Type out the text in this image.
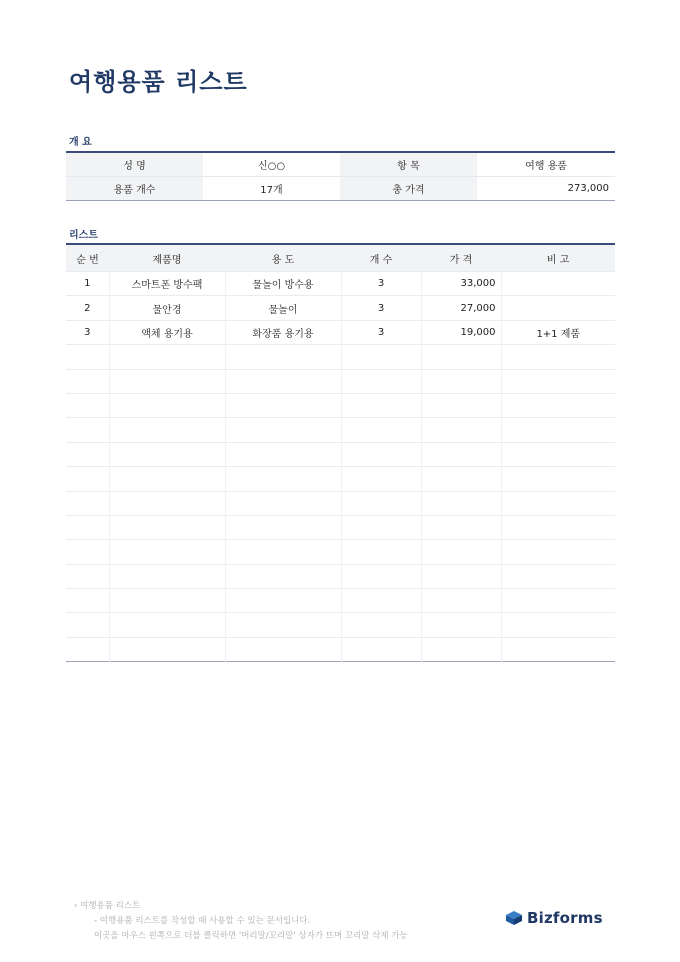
여행용품 리스트
개 요
성 명	신○○	항 목	여행 용품
용품 개수	17개	총 가격	273,000
리스트
순 번	제품명	용 도	개 수	가 격	비 고
1	스마트폰 방수팩	물놀이 방수용	3	33,000	
2	물안경	물놀이	3	27,000	
3	액체 용기용	화장품 용기용	3	19,000	1+1 제품

› 여행용품 리스트
- 여행용품 리스트를 작성할 때 사용할 수 있는 문서입니다.
이곳을 마우스 왼쪽으로 더블 클릭하면 '머리말/꼬리말' 상자가 뜨며 꼬리말 삭제 가능
Bizforms
